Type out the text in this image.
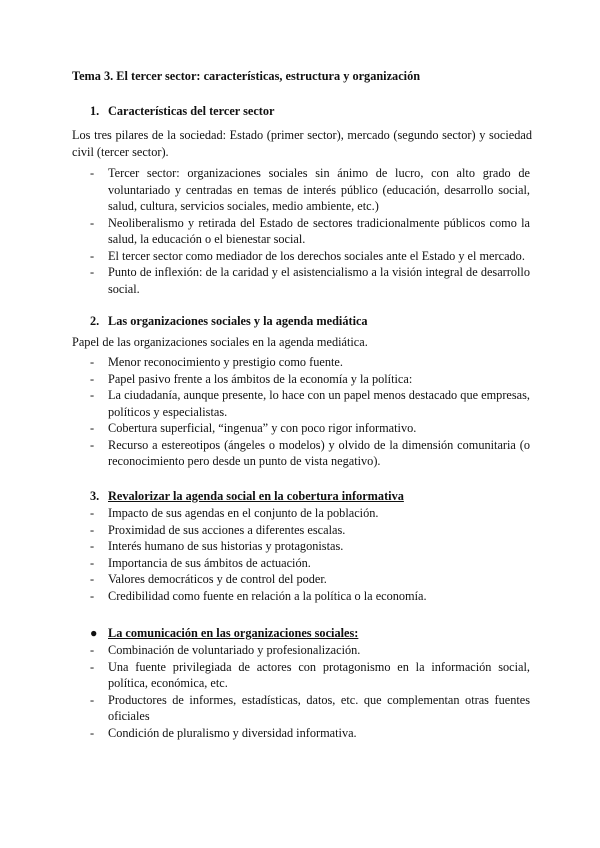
Tema 3. El tercer sector: características, estructura y organización
1. Características del tercer sector
Los tres pilares de la sociedad: Estado (primer sector), mercado (segundo sector) y sociedad civil (tercer sector).
- Tercer sector: organizaciones sociales sin ánimo de lucro, con alto grado de voluntariado y centradas en temas de interés público (educación, desarrollo social, salud, cultura, servicios sociales, medio ambiente, etc.)
- Neoliberalismo y retirada del Estado de sectores tradicionalmente públicos como la salud, la educación o el bienestar social.
- El tercer sector como mediador de los derechos sociales ante el Estado y el mercado.
- Punto de inflexión: de la caridad y el asistencialismo a la visión integral de desarrollo social.
2. Las organizaciones sociales y la agenda mediática
Papel de las organizaciones sociales en la agenda mediática.
- Menor reconocimiento y prestigio como fuente.
- Papel pasivo frente a los ámbitos de la economía y la política:
- La ciudadanía, aunque presente, lo hace con un papel menos destacado que empresas, políticos y especialistas.
- Cobertura superficial, “ingenua” y con poco rigor informativo.
- Recurso a estereotipos (ángeles o modelos) y olvido de la dimensión comunitaria (o reconocimiento pero desde un punto de vista negativo).
3. Revalorizar la agenda social en la cobertura informativa
- Impacto de sus agendas en el conjunto de la población.
- Proximidad de sus acciones a diferentes escalas.
- Interés humano de sus historias y protagonistas.
- Importancia de sus ámbitos de actuación.
- Valores democráticos y de control del poder.
- Credibilidad como fuente en relación a la política o la economía.
● La comunicación en las organizaciones sociales:
- Combinación de voluntariado y profesionalización.
- Una fuente privilegiada de actores con protagonismo en la información social, política, económica, etc.
- Productores de informes, estadísticas, datos, etc. que complementan otras fuentes oficiales
- Condición de pluralismo y diversidad informativa.
